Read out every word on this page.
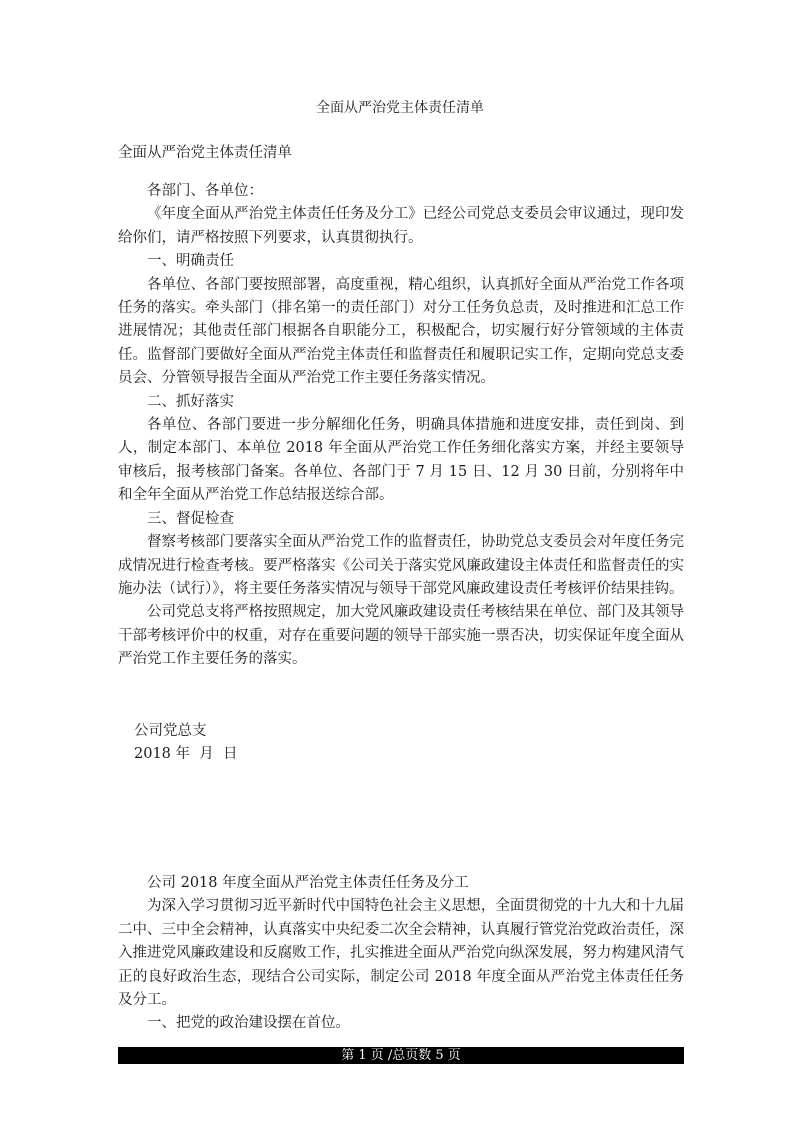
全面从严治党主体责任清单
全面从严治党主体责任清单

各部门、各单位：

《年度全面从严治党主体责任任务及分工》已经公司党总支委员会审议通过，现印发给你们，请严格按照下列要求，认真贯彻执行。

一、明确责任

各单位、各部门要按照部署，高度重视，精心组织，认真抓好全面从严治党工作各项任务的落实。牵头部门（排名第一的责任部门）对分工任务负总责，及时推进和汇总工作进展情况；其他责任部门根据各自职能分工，积极配合，切实履行好分管领域的主体责任。监督部门要做好全面从严治党主体责任和监督责任和履职记实工作，定期向党总支委员会、分管领导报告全面从严治党工作主要任务落实情况。

二、抓好落实

各单位、各部门要进一步分解细化任务，明确具体措施和进度安排，责任到岗、到人，制定本部门、本单位 2018 年全面从严治党工作任务细化落实方案，并经主要领导审核后，报考核部门备案。各单位、各部门于 7 月 15 日、12 月 30 日前，分别将年中和全年全面从严治党工作总结报送综合部。

三、督促检查

督察考核部门要落实全面从严治党工作的监督责任，协助党总支委员会对年度任务完成情况进行检查考核。要严格落实《公司关于落实党风廉政建设主体责任和监督责任的实施办法（试行）》，将主要任务落实情况与领导干部党风廉政建设责任考核评价结果挂钩。

公司党总支将严格按照规定，加大党风廉政建设责任考核结果在单位、部门及其领导干部考核评价中的权重，对存在重要问题的领导干部实施一票否决，切实保证年度全面从严治党工作主要任务的落实。

公司党总支
2018 年  月  日

公司 2018 年度全面从严治党主体责任任务及分工

为深入学习贯彻习近平新时代中国特色社会主义思想，全面贯彻党的十九大和十九届二中、三中全会精神，认真落实中央纪委二次全会精神，认真履行管党治党政治责任，深入推进党风廉政建设和反腐败工作，扎实推进全面从严治党向纵深发展，努力构建风清气正的良好政治生态，现结合公司实际，制定公司 2018 年度全面从严治党主体责任任务及分工。

一、把党的政治建设摆在首位。

第 1 页 /总页数 5 页
